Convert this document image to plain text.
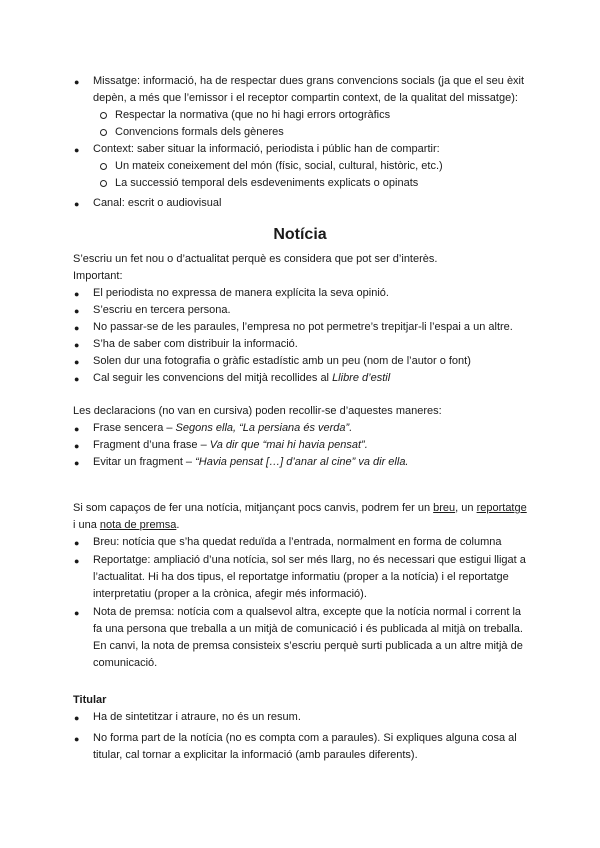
● Missatge: informació, ha de respectar dues grans convencions socials (ja que el seu èxit
depèn, a més que l’emissor i el receptor compartin context, de la qualitat del missatge):
Respectar la normativa (que no hi hagi errors ortogràfics
Convencions formals dels gèneres
● Context: saber situar la informació, periodista i públic han de compartir:
Un mateix coneixement del món (físic, social, cultural, històric, etc.)
La successió temporal dels esdeveniments explicats o opinats
● Canal: escrit o audiovisual
Notícia
S’escriu un fet nou o d’actualitat perquè es considera que pot ser d’interès.
Important:
● El periodista no expressa de manera explícita la seva opinió.
● S’escriu en tercera persona.
● No passar-se de les paraules, l’empresa no pot permetre’s trepitjar-li l’espai a un altre.
● S’ha de saber com distribuir la informació.
● Solen dur una fotografia o gràfic estadístic amb un peu (nom de l’autor o font)
● Cal seguir les convencions del mitjà recollides al Llibre d’estil
Les declaracions (no van en cursiva) poden recollir-se d’aquestes maneres:
● Frase sencera – Segons ella, “La persiana és verda”.
● Fragment d’una frase – Va dir que “mai hi havia pensat”.
● Evitar un fragment – “Havia pensat […] d’anar al cine” va dir ella.
Si som capaços de fer una notícia, mitjançant pocs canvis, podrem fer un breu, un reportatge
i una nota de premsa.
● Breu: notícia que s’ha quedat reduïda a l’entrada, normalment en forma de columna
● Reportatge: ampliació d’una notícia, sol ser més llarg, no és necessari que estigui lligat a
l’actualitat. Hi ha dos tipus, el reportatge informatiu (proper a la notícia) i el reportatge
interpretatiu (proper a la crònica, afegir més informació).
● Nota de premsa: notícia com a qualsevol altra, excepte que la notícia normal i corrent la
fa una persona que treballa a un mitjà de comunicació i és publicada al mitjà on treballa.
En canvi, la nota de premsa consisteix s’escriu perquè surti publicada a un altre mitjà de
comunicació.
Titular
● Ha de sintetitzar i atraure, no és un resum.
● No forma part de la notícia (no es compta com a paraules). Si expliques alguna cosa al
titular, cal tornar a explicitar la informació (amb paraules diferents).
